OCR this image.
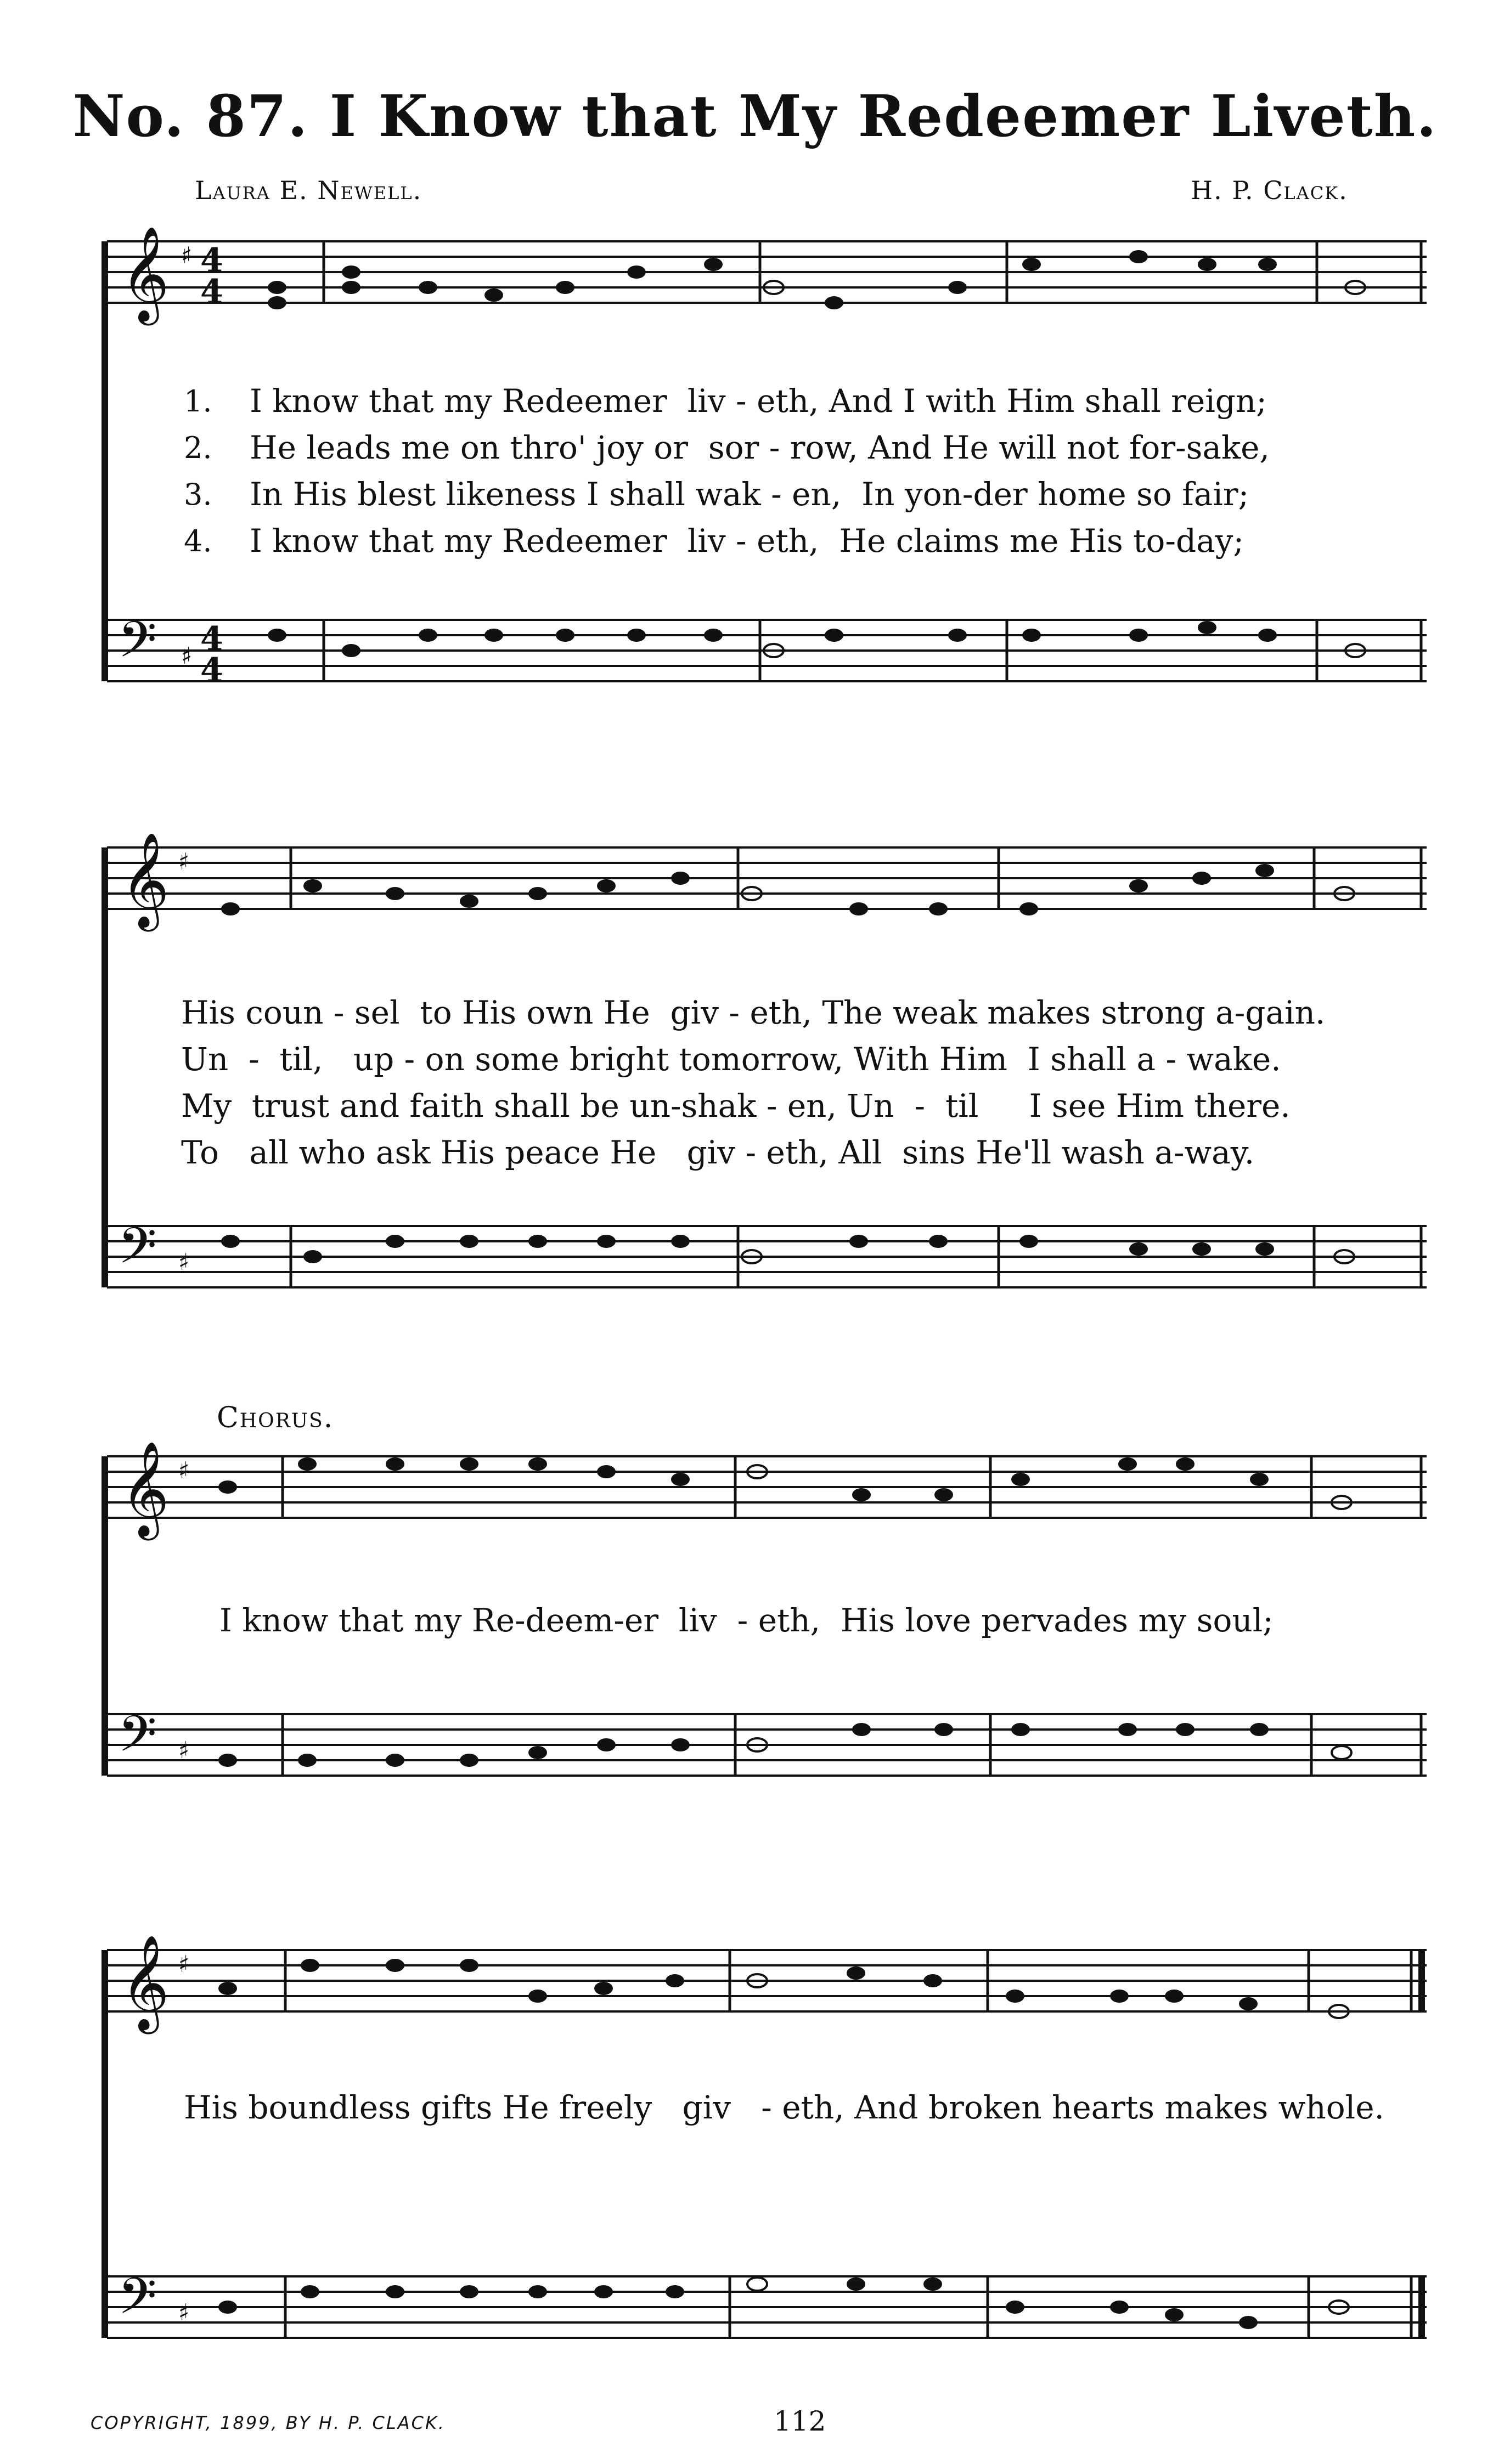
No. 87. I Know that My Redeemer Liveth.
Laura E. Newell.	H. P. Clack.
𝄞 ♯ 4
4
𝄢 ♯ 4
4
1. I know that my Redeemer  liv - eth, And I with Him shall reign;
2. He leads me on thro' joy or  sor - row, And He will not for-sake,
3. In His blest likeness I shall wak - en,  In yon-der home so fair;
4. I know that my Redeemer  liv - eth,  He claims me His to-day;
𝄞 ♯
𝄢 ♯
His coun - sel  to His own He  giv - eth, The weak makes strong a-gain.
Un  -  til,   up - on some bright tomorrow, With Him  I shall a - wake.
My  trust and faith shall be un-shak - en, Un  -  til     I see Him there.
To   all who ask His peace He   giv - eth, All  sins He'll wash a-way.
Chorus.
𝄞 ♯
𝄢 ♯
I know that my Re-deem-er  liv  - eth,  His love pervades my soul;
𝄞 ♯
𝄢 ♯
His boundless gifts He freely   giv   - eth, And broken hearts makes whole.
COPYRIGHT, 1899, BY H. P. CLACK.	112
